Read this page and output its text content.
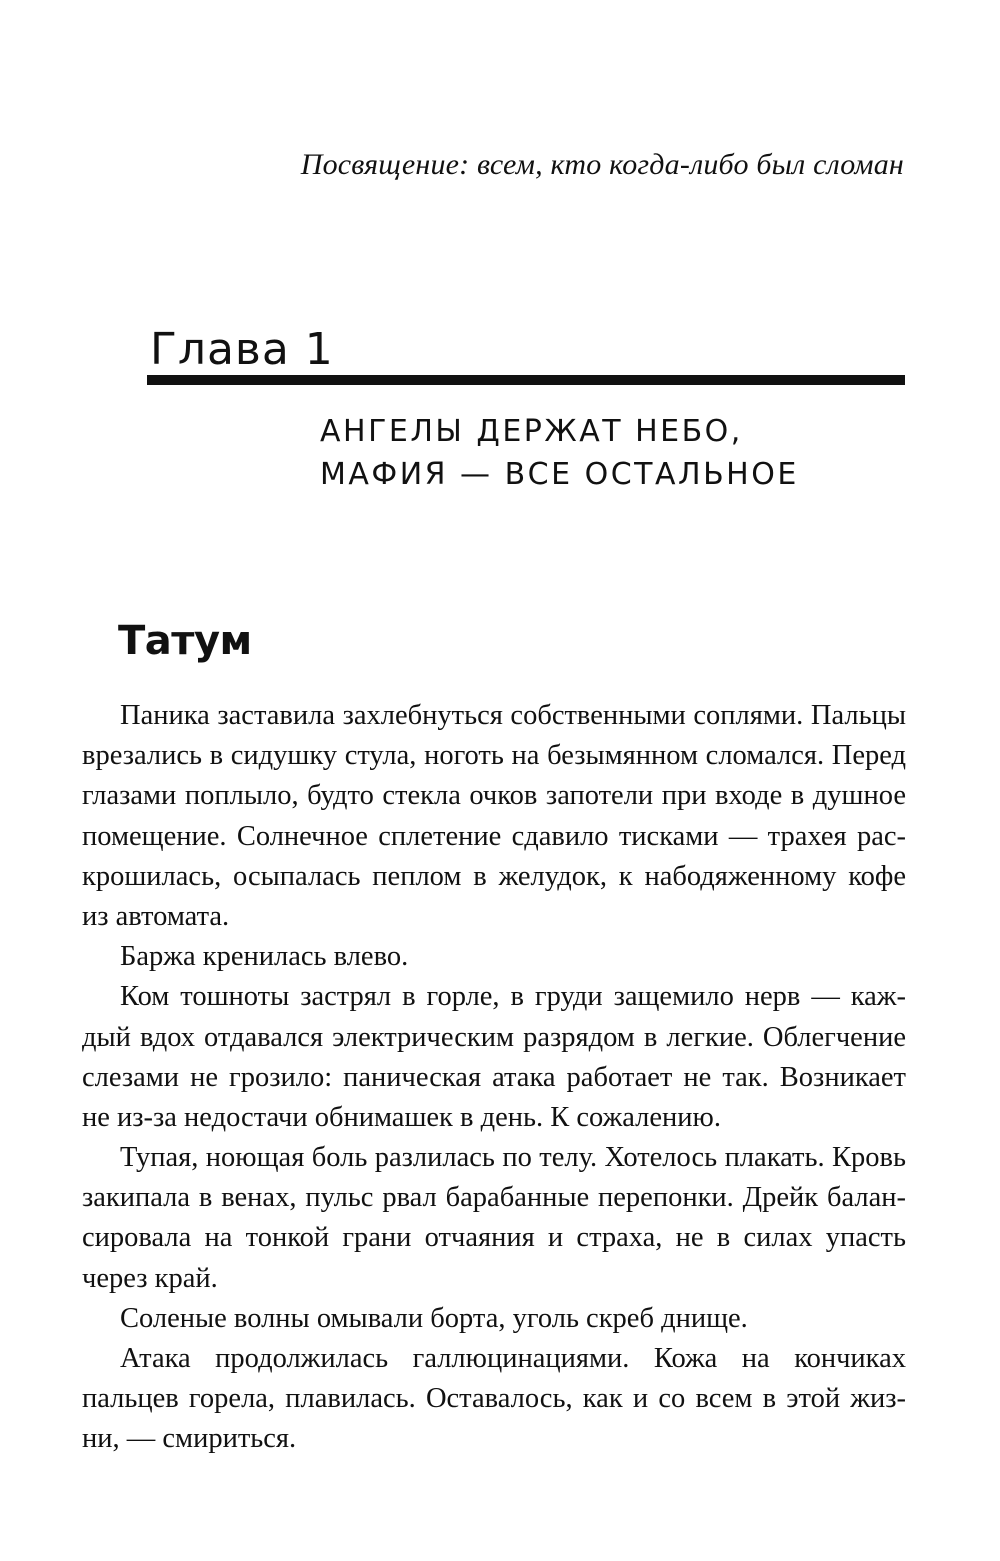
Посвящение: всем, кто когда-либо был сломан
Глава 1
АНГЕЛЫ ДЕРЖАТ НЕБО,
МАФИЯ — ВСЕ ОСТАЛЬНОЕ
Татум
Паника заставила захлебнуться собственными соплями. Пальцы
врезались в сидушку стула, ноготь на безымянном сломался. Перед
глазами поплыло, будто стекла очков запотели при входе в душное
помещение. Солнечное сплетение сдавило тисками — трахея рас-
крошилась, осыпалась пеплом в желудок, к набодяженному кофе
из автомата.
Баржа кренилась влево.
Ком тошноты застрял в горле, в груди защемило нерв — каж-
дый вдох отдавался электрическим разрядом в легкие. Облегчение
слезами не грозило: паническая атака работает не так. Возникает
не из-за недостачи обнимашек в день. К сожалению.
Тупая, ноющая боль разлилась по телу. Хотелось плакать. Кровь
закипала в венах, пульс рвал барабанные перепонки. Дрейк балан-
сировала на тонкой грани отчаяния и страха, не в силах упасть
через край.
Соленые волны омывали борта, уголь скреб днище.
Атака продолжилась галлюцинациями. Кожа на кончиках
пальцев горела, плавилась. Оставалось, как и со всем в этой жиз-
ни, — смириться.
